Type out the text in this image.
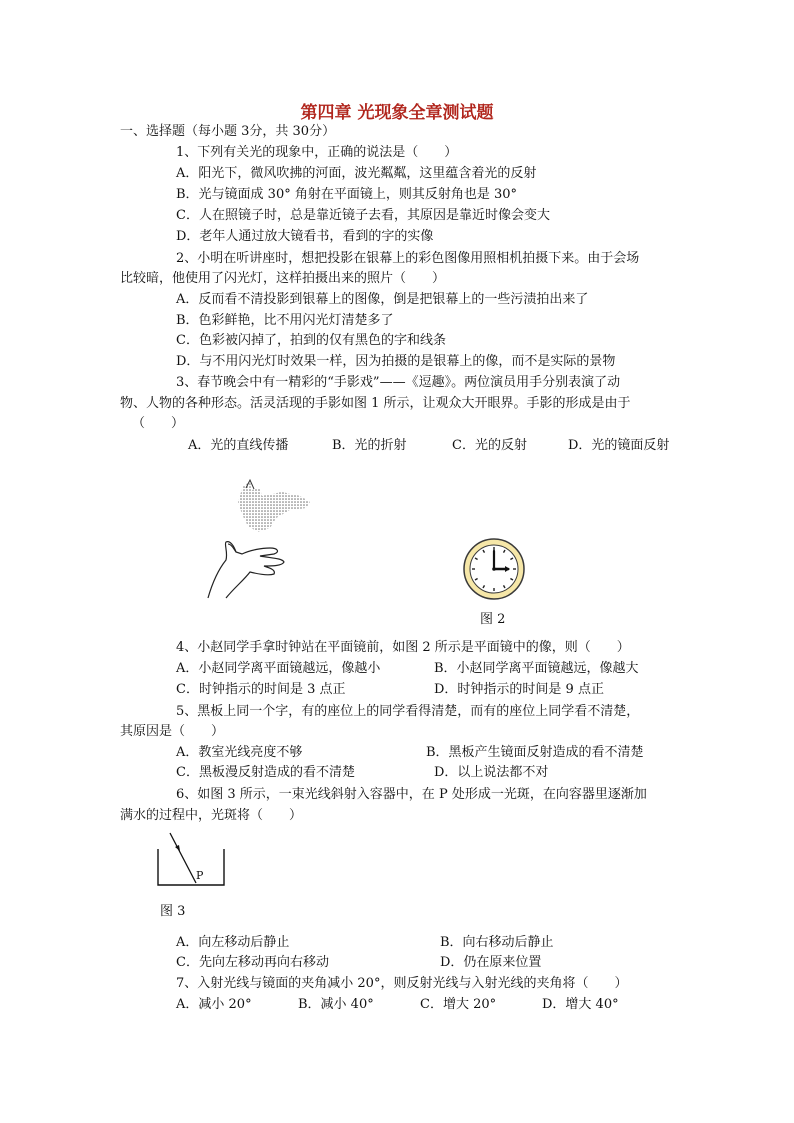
第四章 光现象全章测试题
一、选择题（每小题 3分，共 30分）
1、下列有关光的现象中，正确的说法是（　　）
A．阳光下，微风吹拂的河面，波光粼粼，这里蕴含着光的反射
B．光与镜面成 30° 角射在平面镜上，则其反射角也是 30°
C．人在照镜子时，总是靠近镜子去看，其原因是靠近时像会变大
D．老年人通过放大镜看书，看到的字的实像
2、小明在听讲座时，想把投影在银幕上的彩色图像用照相机拍摄下来。由于会场
比较暗，他使用了闪光灯，这样拍摄出来的照片（　　）
A．反而看不清投影到银幕上的图像，倒是把银幕上的一些污渍拍出来了
B．色彩鲜艳，比不用闪光灯清楚多了
C．色彩被闪掉了，拍到的仅有黑色的字和线条
D．与不用闪光灯时效果一样，因为拍摄的是银幕上的像，而不是实际的景物
3、春节晚会中有一精彩的“手影戏”——《逗趣》。两位演员用手分别表演了动
物、人物的各种形态。活灵活现的手影如图 1 所示，让观众大开眼界。手影的形成是由于
（　　）
A．光的直线传播	B．光的折射	C．光的反射	D．光的镜面反射
图 2
4、小赵同学手拿时钟站在平面镜前，如图 2 所示是平面镜中的像，则（　　）
A．小赵同学离平面镜越远，像越小	B．小赵同学离平面镜越远，像越大
C．时钟指示的时间是 3 点正	D．时钟指示的时间是 9 点正
5、黑板上同一个字，有的座位上的同学看得清楚，而有的座位上同学看不清楚，
其原因是（　　）
A．教室光线亮度不够	B．黑板产生镜面反射造成的看不清楚
C．黑板漫反射造成的看不清楚	D．以上说法都不对
6、如图 3 所示，一束光线斜射入容器中，在 P 处形成一光斑，在向容器里逐渐加
满水的过程中，光斑将（　　）
P
图 3
A．向左移动后静止	B．向右移动后静止
C．先向左移动再向右移动	D．仍在原来位置
7、入射光线与镜面的夹角减小 20°，则反射光线与入射光线的夹角将（　　）
A．减小 20°	B．减小 40°	C．增大 20°	D．增大 40°
